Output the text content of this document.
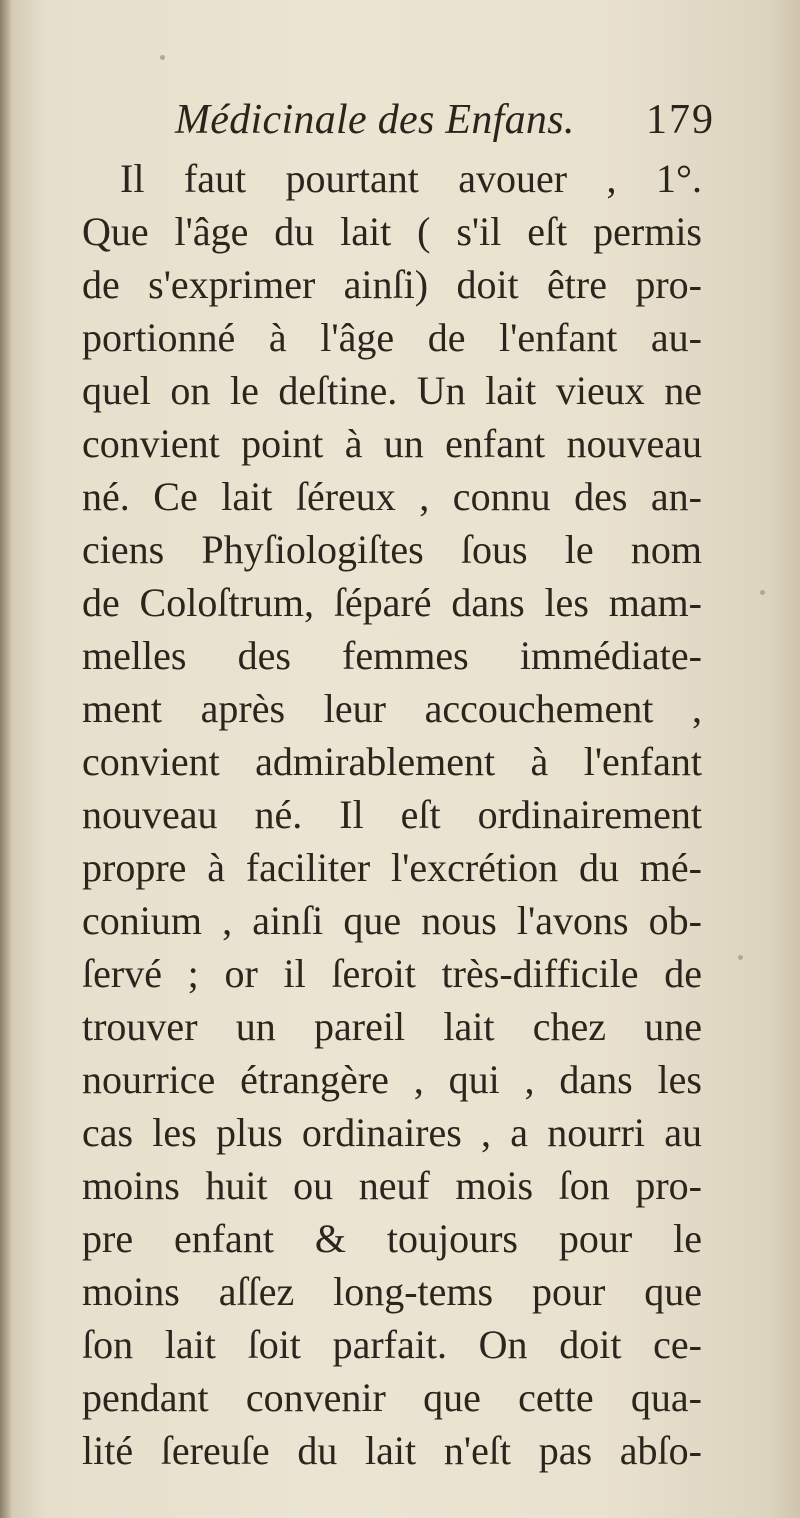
Médicinale des Enfans. 179
Il faut pourtant avouer , 1°.
Que l'âge du lait ( s'il eſt permis
de s'exprimer ainſi) doit être pro-
portionné à l'âge de l'enfant au-
quel on le deſtine. Un lait vieux ne
convient point à un enfant nouveau
né. Ce lait ſéreux , connu des an-
ciens Phyſiologiſtes ſous le nom
de Coloſtrum, ſéparé dans les mam-
melles des femmes immédiate-
ment après leur accouchement ,
convient admirablement à l'enfant
nouveau né. Il eſt ordinairement
propre à faciliter l'excrétion du mé-
conium , ainſi que nous l'avons ob-
ſervé ; or il ſeroit très-difficile de
trouver un pareil lait chez une
nourrice étrangère , qui , dans les
cas les plus ordinaires , a nourri au
moins huit ou neuf mois ſon pro-
pre enfant & toujours pour le
moins aſſez long-tems pour que
ſon lait ſoit parfait. On doit ce-
pendant convenir que cette qua-
lité ſereuſe du lait n'eſt pas abſo-
